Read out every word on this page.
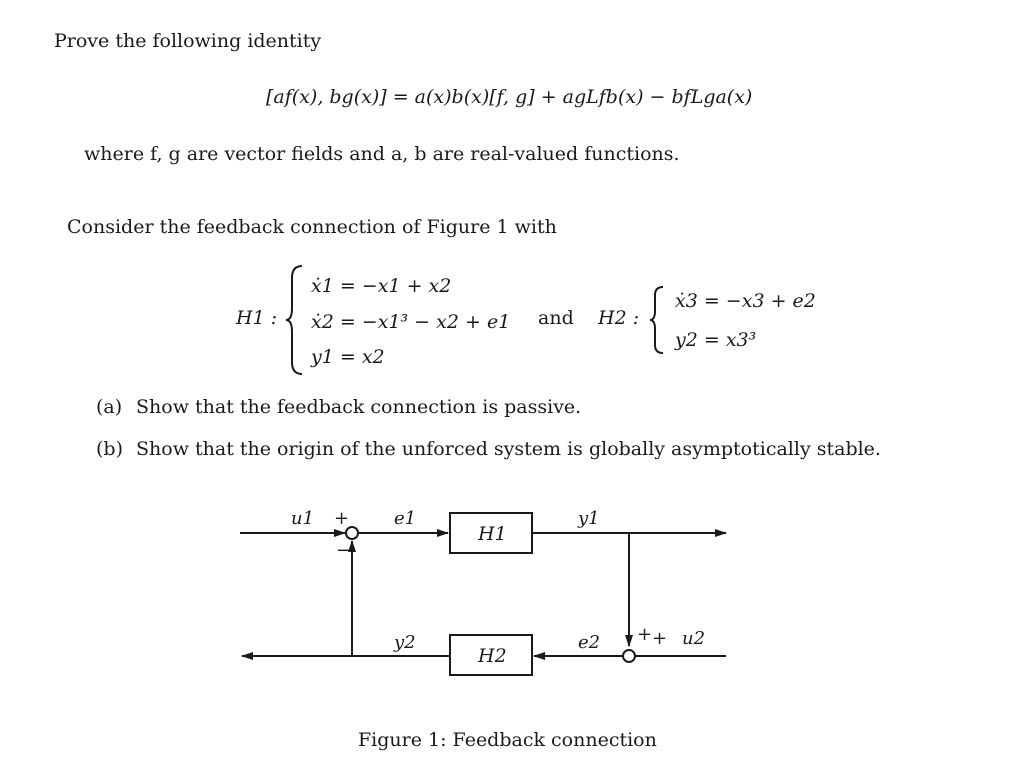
Prove the following identity
[af(x), bg(x)] = a(x)b(x)[f, g] + agLfb(x) − bfLga(x)
where f, g are vector fields and a, b are real-valued functions.
Consider the feedback connection of Figure 1 with
H1 :
ẋ1 = −x1 + x2
ẋ2 = −x1³ − x2 + e1
y1 = x2
and H2 :
ẋ3 = −x3 + e2
y2 = x3³
(a) Show that the feedback connection is passive.
(b) Show that the origin of the unforced system is globally asymptotically stable.
u1 +
−
e1
H1
y1
y2
H2
e2 + + u2
Figure 1: Feedback connection
